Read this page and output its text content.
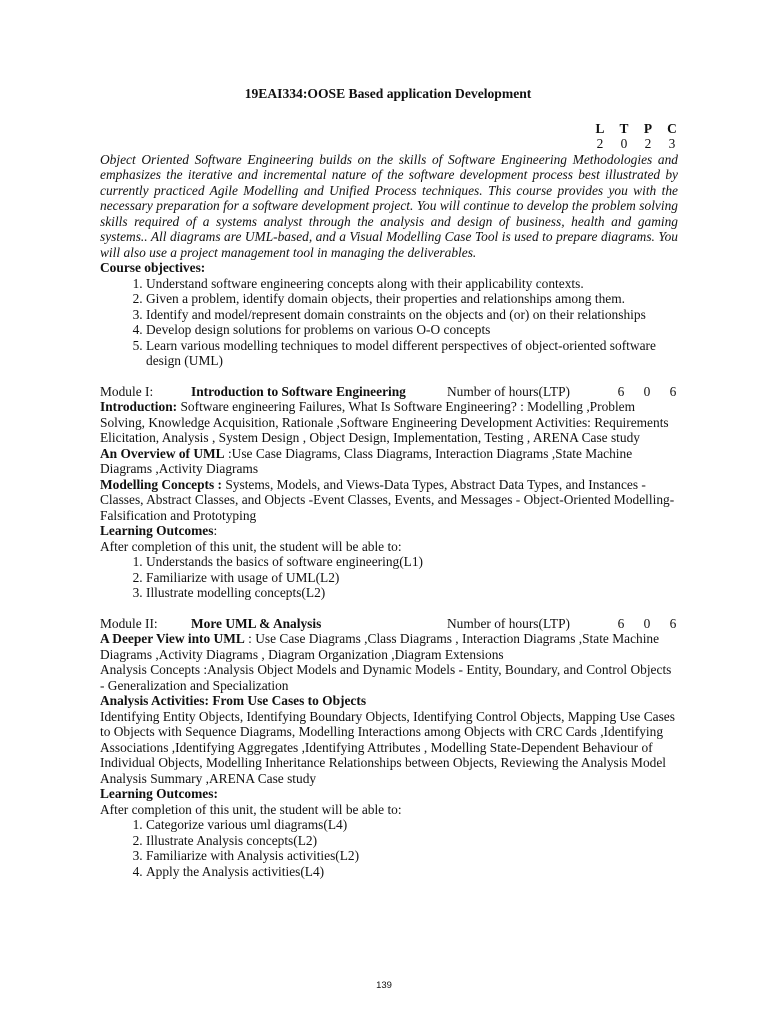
19EAI334:OOSE Based application Development
L	T	P	C
2	0	2	3

Object Oriented Software Engineering builds on the skills of Software Engineering Methodologies and emphasizes the iterative and incremental nature of the software development process best illustrated by currently practiced Agile Modelling and Unified Process techniques. This course provides you with the necessary preparation for a software development project. You will continue to develop the problem solving skills required of a systems analyst through the analysis and design of business, health and gaming systems.. All diagrams are UML-based, and a Visual Modelling Case Tool is used to prepare diagrams. You will also use a project management tool in managing the deliverables.

Course objectives:
1. Understand software engineering concepts along with their applicability contexts.
2. Given a problem, identify domain objects, their properties and relationships among them.
3. Identify and model/represent domain constraints on the objects and (or) on their relationships
4. Develop design solutions for problems on various O-O concepts
5. Learn various modelling techniques to model different perspectives of object-oriented software design (UML)
Module I:	Introduction to Software Engineering	Number of hours(LTP)	6 0 6

Introduction: Software engineering Failures, What Is Software Engineering? : Modelling ,Problem Solving, Knowledge Acquisition, Rationale ,Software Engineering Development Activities: Requirements Elicitation, Analysis , System Design , Object Design, Implementation, Testing , ARENA Case study

An Overview of UML :Use Case Diagrams, Class Diagrams, Interaction Diagrams ,State Machine Diagrams ,Activity Diagrams

Modelling Concepts : Systems, Models, and Views-Data Types, Abstract Data Types, and Instances -Classes, Abstract Classes, and Objects -Event Classes, Events, and Messages - Object-Oriented Modelling- Falsification and Prototyping

Learning Outcomes:
After completion of this unit, the student will be able to:
1. Understands the basics of software engineering(L1)
2. Familiarize with usage of UML(L2)
3. Illustrate modelling concepts(L2)
Module II:	More UML & Analysis	Number of hours(LTP)	6 0 6

A Deeper View into UML : Use Case Diagrams ,Class Diagrams , Interaction Diagrams ,State Machine Diagrams ,Activity Diagrams , Diagram Organization ,Diagram Extensions

Analysis Concepts :Analysis Object Models and Dynamic Models - Entity, Boundary, and Control Objects - Generalization and Specialization

Analysis Activities: From Use Cases to Objects

Identifying Entity Objects, Identifying Boundary Objects, Identifying Control Objects, Mapping Use Cases to Objects with Sequence Diagrams, Modelling Interactions among Objects with CRC Cards ,Identifying Associations ,Identifying Aggregates ,Identifying Attributes , Modelling State-Dependent Behaviour of Individual Objects, Modelling Inheritance Relationships between Objects, Reviewing the Analysis Model Analysis Summary ,ARENA Case study

Learning Outcomes:
After completion of this unit, the student will be able to:
1. Categorize various uml diagrams(L4)
2. Illustrate Analysis concepts(L2)
3. Familiarize with Analysis activities(L2)
4. Apply the Analysis activities(L4)
139
